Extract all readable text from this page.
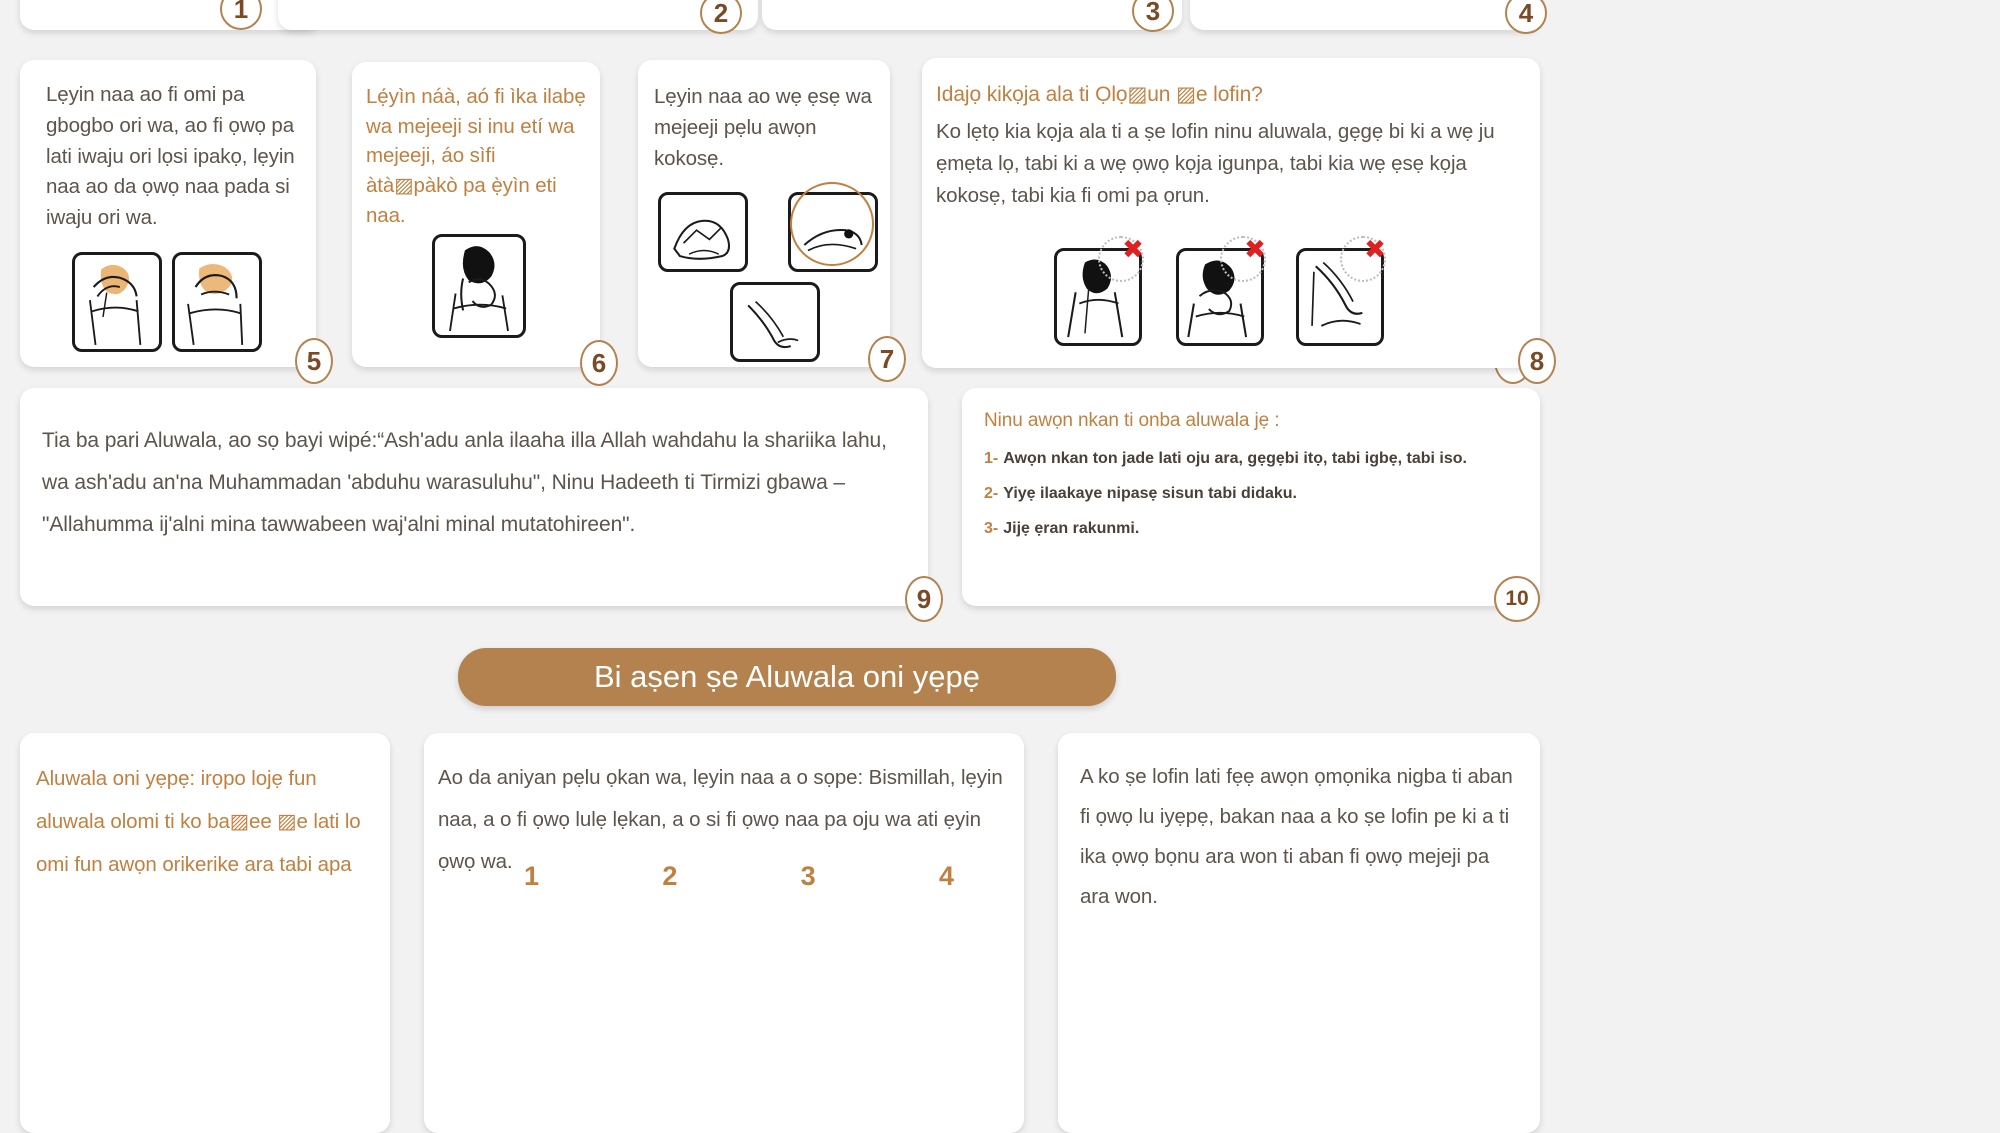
1	2	3	4
Lẹyin naa ao fi omi pa gbogbo ori wa, ao fi ọwọ pa lati iwaju ori lọsi ipakọ, lẹyin naa ao da ọwọ naa pada si iwaju ori wa.
5
Lẹ́yìn náà, aó fi ìka ilabẹ wa mejeeji si inu etí wa mejeeji, áo sìfi àtà▨pàkò pa ẹ̀yìn eti naa.
6
Lẹyin naa ao wẹ ẹsẹ wa mejeeji pẹlu awọn kokosẹ.
7
Idajọ kikọja ala ti Ọlọ▨un ▨e lofin?
Ko lẹtọ kia kọja ala ti a ṣe lofin ninu aluwala, gẹgẹ bi ki a wẹ ju ẹmẹta lọ, tabi ki a wẹ ọwọ kọja igunpa, tabi kia wẹ ẹsẹ kọja kokosẹ, tabi kia fi omi pa ọrun.
✖	✖	✖
8
Tia ba pari Aluwala, ao sọ bayi wipé:“Ash'adu anla ilaaha illa Allah wahdahu la shariika lahu, wa ash'adu an'na Muhammadan 'abduhu warasuluhu", Ninu Hadeeth ti Tirmizi gbawa – "Allahumma ij'alni mina tawwabeen waj'alni minal mutatohireen".
9
Ninu awọn nkan ti onba aluwala jẹ :
1- Awọn nkan ton jade lati oju ara, gẹgẹbi itọ, tabi igbẹ, tabi iso.
2- Yiyẹ ilaakaye nipasẹ sisun tabi didaku.
3- Jijẹ ẹran rakunmi.
10
Bi aṣen ṣe Aluwala oni yẹpẹ
Aluwala oni yẹpẹ: irọpo lojẹ fun aluwala olomi ti ko ba▨ee ▨e lati lo omi fun awọn orikerike ara tabi apa
Ao da aniyan pẹlu ọkan wa, lẹyin naa a o sọpe: Bismillah, lẹyin naa, a o fi ọwọ lulẹ lẹkan, a o si fi ọwọ naa pa oju wa ati ẹyin ọwọ wa. 1	2	3	4
A ko ṣe lofin lati fẹẹ awọn ọmọnika nigba ti aban fi ọwọ lu iyẹpẹ, bakan naa a ko ṣe lofin pe ki a ti ika ọwọ bọnu ara won ti aban fi ọwọ mejeji pa ara won.
